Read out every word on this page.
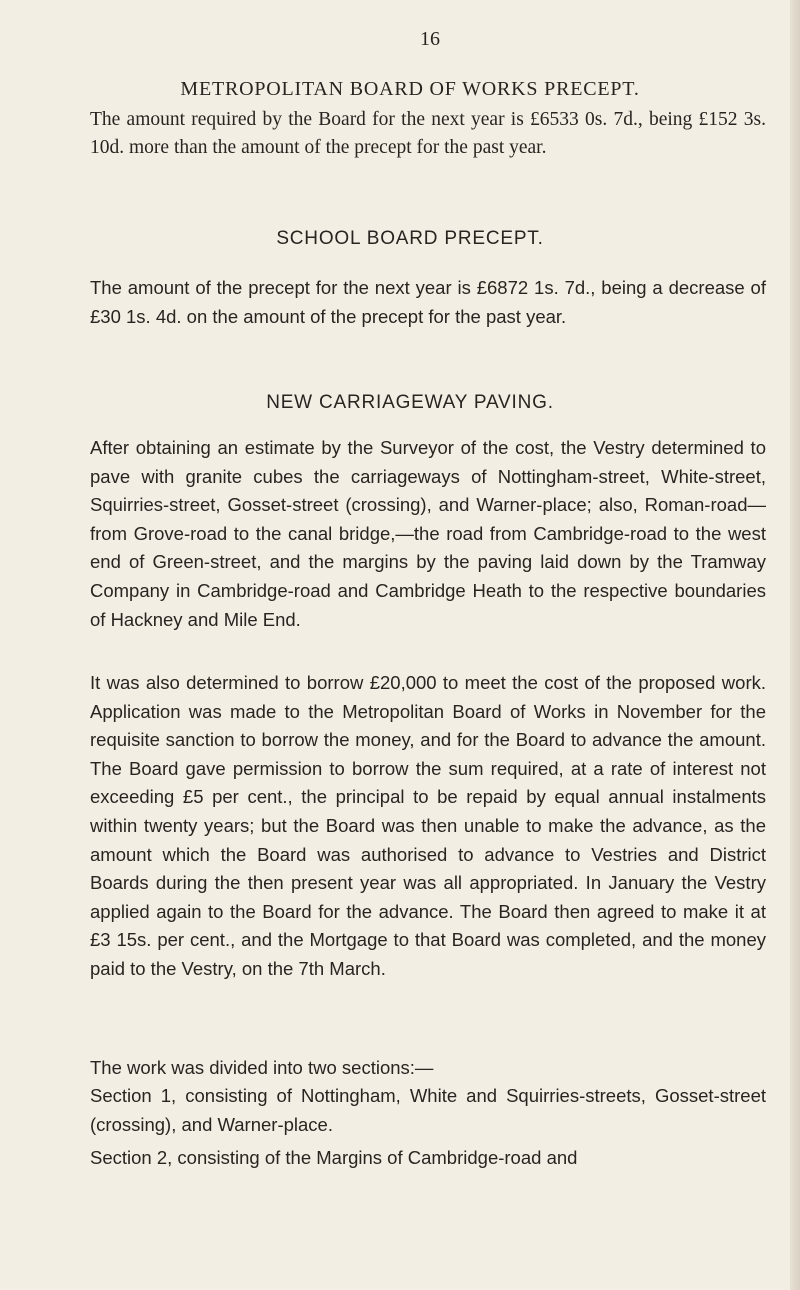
16
METROPOLITAN BOARD OF WORKS PRECEPT.

The amount required by the Board for the next year is £6533 0s. 7d., being £152 3s. 10d. more than the amount of the precept for the past year.

SCHOOL BOARD PRECEPT.

The amount of the precept for the next year is £6872 1s. 7d., being a decrease of £30 1s. 4d. on the amount of the precept for the past year.

NEW CARRIAGEWAY PAVING.

After obtaining an estimate by the Surveyor of the cost, the Vestry determined to pave with granite cubes the carriageways of Nottingham-street, White-street, Squirries-street, Gosset-street (crossing), and Warner-place; also, Roman-road—from Grove-road to the canal bridge,—the road from Cambridge-road to the west end of Green-street, and the margins by the paving laid down by the Tramway Company in Cambridge-road and Cambridge Heath to the respective boundaries of Hackney and Mile End.

It was also determined to borrow £20,000 to meet the cost of the proposed work. Application was made to the Metropolitan Board of Works in November for the requisite sanction to borrow the money, and for the Board to advance the amount. The Board gave permission to borrow the sum required, at a rate of interest not exceeding £5 per cent., the principal to be repaid by equal annual instalments within twenty years; but the Board was then unable to make the advance, as the amount which the Board was authorised to advance to Vestries and District Boards during the then present year was all appropriated. In January the Vestry applied again to the Board for the advance. The Board then agreed to make it at £3 15s. per cent., and the Mortgage to that Board was completed, and the money paid to the Vestry, on the 7th March.

The work was divided into two sections:—

Section 1, consisting of Nottingham, White and Squirries-streets, Gosset-street (crossing), and Warner-place.

Section 2, consisting of the Margins of Cambridge-road and
